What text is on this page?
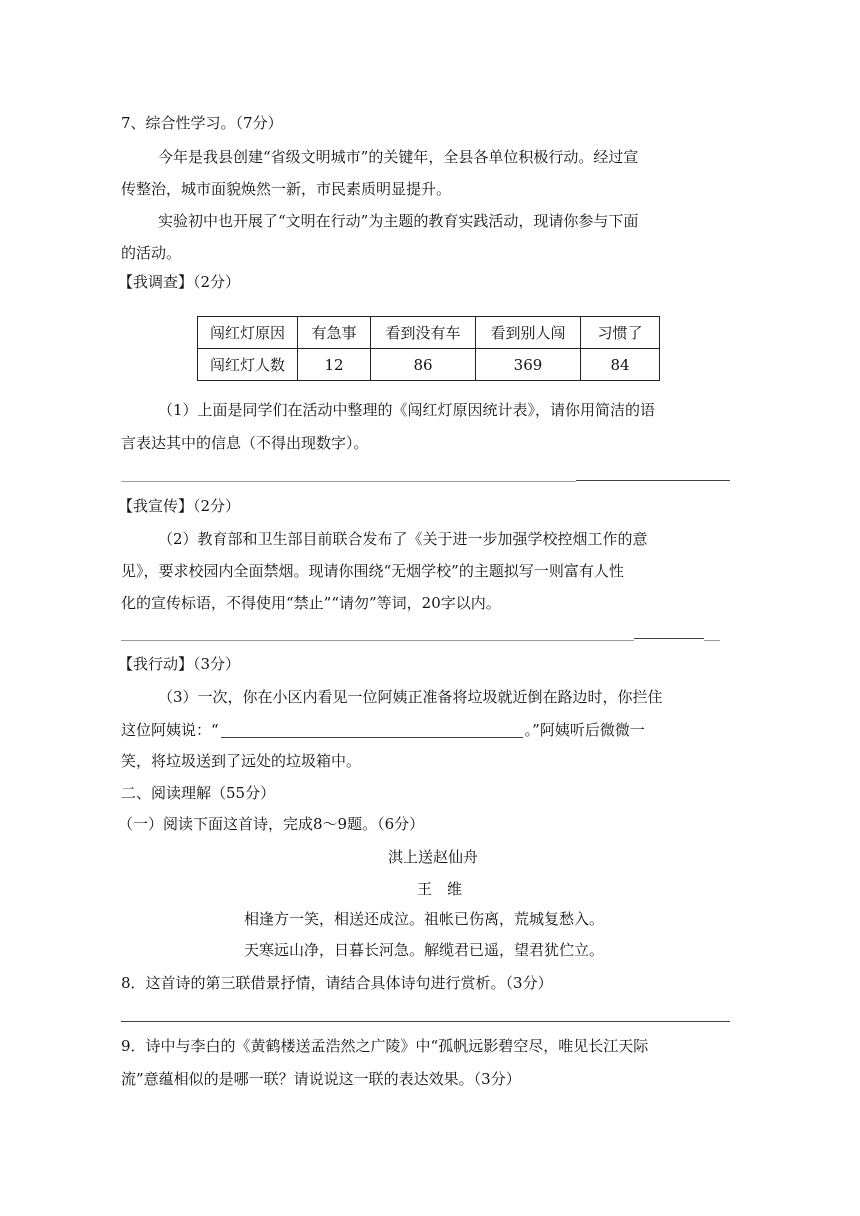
7、综合性学习。（7分）
今年是我县创建“省级文明城市”的关键年，全县各单位积极行动。经过宣
传整治，城市面貌焕然一新，市民素质明显提升。
实验初中也开展了“文明在行动”为主题的教育实践活动，现请你参与下面
的活动。
【我调查】（2分）
闯红灯原因	有急事	看到没有车	看到别人闯	习惯了
闯红灯人数	12	86	369	84
（1）上面是同学们在活动中整理的《闯红灯原因统计表》，请你用简洁的语
言表达其中的信息（不得出现数字）。
【我宣传】（2分）
（2）教育部和卫生部目前联合发布了《关于进一步加强学校控烟工作的意
见》，要求校园内全面禁烟。现请你围绕“无烟学校”的主题拟写一则富有人性
化的宣传标语，不得使用“禁止”“请勿”等词，20字以内。
【我行动】（3分）
（3）一次，你在小区内看见一位阿姨正准备将垃圾就近倒在路边时，你拦住
这位阿姨说：“	。”阿姨听后微微一
笑，将垃圾送到了远处的垃圾箱中。
二、阅读理解（55分）
（一）阅读下面这首诗，完成8～9题。（6分）
淇上送赵仙舟
王　维
相逢方一笑，相送还成泣。祖帐已伤离，荒城复愁入。
天寒远山净，日暮长河急。解缆君已遥，望君犹伫立。
8．这首诗的第三联借景抒情，请结合具体诗句进行赏析。（3分）
9．诗中与李白的《黄鹤楼送孟浩然之广陵》中“孤帆远影碧空尽，唯见长江天际
流”意蕴相似的是哪一联？请说说这一联的表达效果。（3分）
